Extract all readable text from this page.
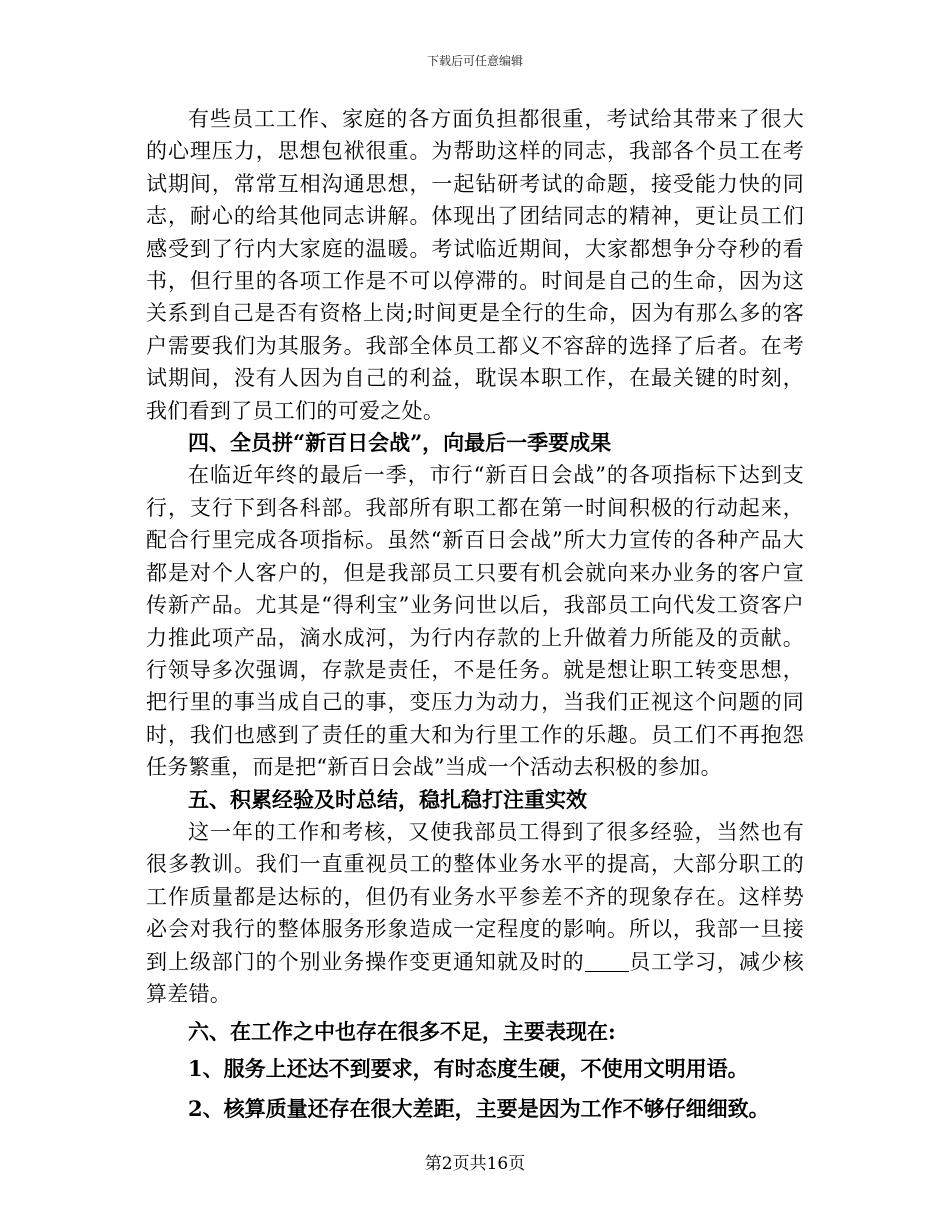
下载后可任意编辑

有些员工工作、家庭的各方面负担都很重，考试给其带来了很大的心理压力，思想包袱很重。为帮助这样的同志，我部各个员工在考试期间，常常互相沟通思想，一起钻研考试的命题，接受能力快的同志，耐心的给其他同志讲解。体现出了团结同志的精神，更让员工们感受到了行内大家庭的温暖。考试临近期间，大家都想争分夺秒的看书，但行里的各项工作是不可以停滞的。时间是自己的生命，因为这关系到自己是否有资格上岗;时间更是全行的生命，因为有那么多的客户需要我们为其服务。我部全体员工都义不容辞的选择了后者。在考试期间，没有人因为自己的利益，耽误本职工作，在最关键的时刻，我们看到了员工们的可爱之处。

四、全员拼“新百日会战”，向最后一季要成果

在临近年终的最后一季，市行“新百日会战”的各项指标下达到支行，支行下到各科部。我部所有职工都在第一时间积极的行动起来，配合行里完成各项指标。虽然“新百日会战”所大力宣传的各种产品大都是对个人客户的，但是我部员工只要有机会就向来办业务的客户宣传新产品。尤其是“得利宝”业务问世以后，我部员工向代发工资客户力推此项产品，滴水成河，为行内存款的上升做着力所能及的贡献。行领导多次强调，存款是责任，不是任务。就是想让职工转变思想，把行里的事当成自己的事，变压力为动力，当我们正视这个问题的同时，我们也感到了责任的重大和为行里工作的乐趣。员工们不再抱怨任务繁重，而是把“新百日会战”当成一个活动去积极的参加。

五、积累经验及时总结，稳扎稳打注重实效

这一年的工作和考核，又使我部员工得到了很多经验，当然也有很多教训。我们一直重视员工的整体业务水平的提高，大部分职工的工作质量都是达标的，但仍有业务水平参差不齐的现象存在。这样势必会对我行的整体服务形象造成一定程度的影响。所以，我部一旦接到上级部门的个别业务操作变更通知就及时的 员工学习，减少核算差错。

六、在工作之中也存在很多不足，主要表现在:

1、服务上还达不到要求，有时态度生硬，不使用文明用语。

2、核算质量还存在很大差距，主要是因为工作不够仔细细致。

第2页共16页
